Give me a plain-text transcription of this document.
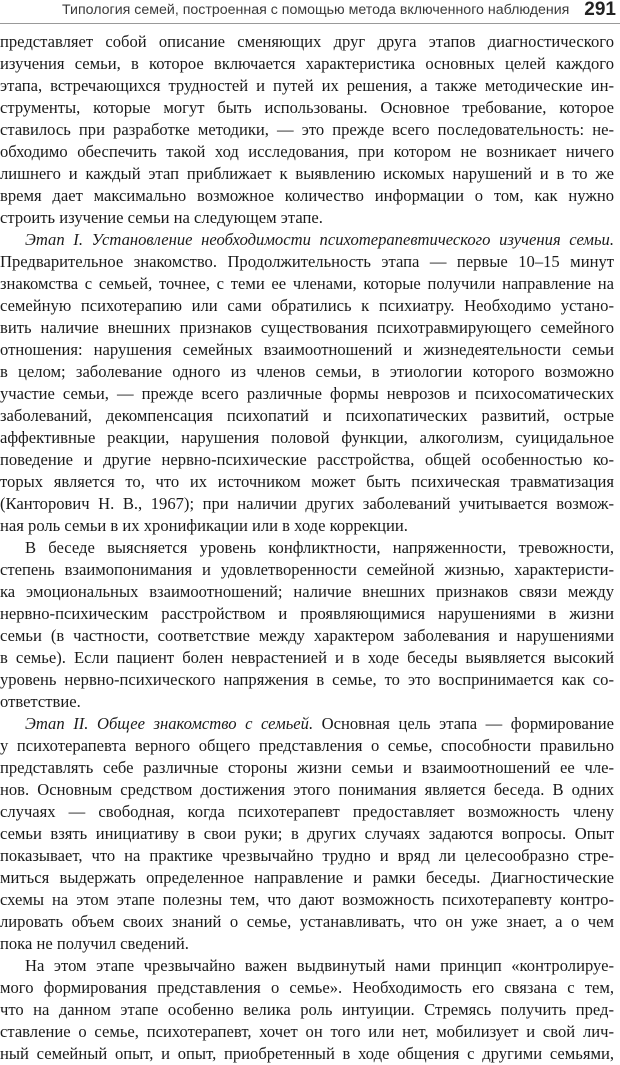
Типология семей, построенная с помощью метода включенного наблюдения 291
представляет собой описание сменяющих друг друга этапов диагностического
изучения семьи, в которое включается характеристика основных целей каждого
этапа, встречающихся трудностей и путей их решения, а также методические ин-
струменты, которые могут быть использованы. Основное требование, которое
ставилось при разработке методики, — это прежде всего последовательность: не-
обходимо обеспечить такой ход исследования, при котором не возникает ничего
лишнего и каждый этап приближает к выявлению искомых нарушений и в то же
время дает максимально возможное количество информации о том, как нужно
строить изучение семьи на следующем этапе.
Этап I. Установление необходимости психотерапевтического изучения семьи.
Предварительное знакомство. Продолжительность этапа — первые 10–15 минут
знакомства с семьей, точнее, с теми ее членами, которые получили направление на
семейную психотерапию или сами обратились к психиатру. Необходимо устано-
вить наличие внешних признаков существования психотравмирующего семейного
отношения: нарушения семейных взаимоотношений и жизнедеятельности семьи
в целом; заболевание одного из членов семьи, в этиологии которого возможно
участие семьи, — прежде всего различные формы неврозов и психосоматических
заболеваний, декомпенсация психопатий и психопатических развитий, острые
аффективные реакции, нарушения половой функции, алкоголизм, суицидальное
поведение и другие нервно-психические расстройства, общей особенностью ко-
торых является то, что их источником может быть психическая травматизация
(Канторович Н. В., 1967); при наличии других заболеваний учитывается возмож-
ная роль семьи в их хронификации или в ходе коррекции.
В беседе выясняется уровень конфликтности, напряженности, тревожности,
степень взаимопонимания и удовлетворенности семейной жизнью, характеристи-
ка эмоциональных взаимоотношений; наличие внешних признаков связи между
нервно-психическим расстройством и проявляющимися нарушениями в жизни
семьи (в частности, соответствие между характером заболевания и нарушениями
в семье). Если пациент болен неврастенией и в ходе беседы выявляется высокий
уровень нервно-психического напряжения в семье, то это воспринимается как со-
ответствие.
Этап II. Общее знакомство с семьей. Основная цель этапа — формирование
у психотерапевта верного общего представления о семье, способности правильно
представлять себе различные стороны жизни семьи и взаимоотношений ее чле-
нов. Основным средством достижения этого понимания является беседа. В одних
случаях — свободная, когда психотерапевт предоставляет возможность члену
семьи взять инициативу в свои руки; в других случаях задаются вопросы. Опыт
показывает, что на практике чрезвычайно трудно и вряд ли целесообразно стре-
миться выдержать определенное направление и рамки беседы. Диагностические
схемы на этом этапе полезны тем, что дают возможность психотерапевту контро-
лировать объем своих знаний о семье, устанавливать, что он уже знает, а о чем
пока не получил сведений.
На этом этапе чрезвычайно важен выдвинутый нами принцип «контролируе-
мого формирования представления о семье». Необходимость его связана с тем,
что на данном этапе особенно велика роль интуиции. Стремясь получить пред-
ставление о семье, психотерапевт, хочет он того или нет, мобилизует и свой лич-
ный семейный опыт, и опыт, приобретенный в ходе общения с другими семьями,
